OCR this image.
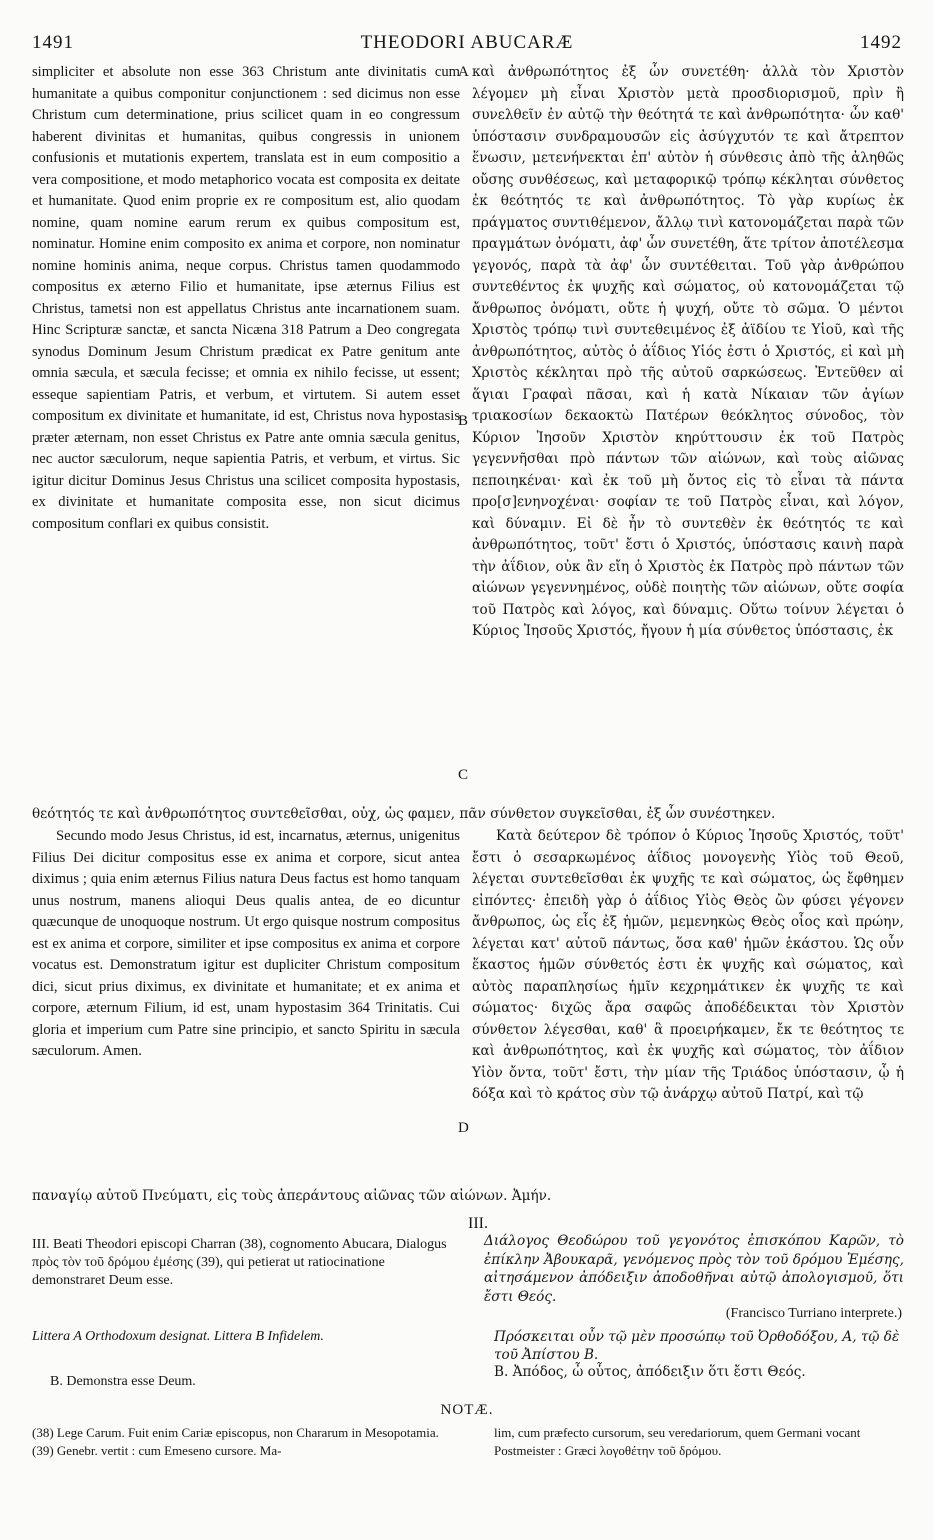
1491	THEODORI ABUCARÆ	1492

simpliciter et absolute non esse 363 Christum ante divinitatis cum humanitate a quibus componitur conjunctionem : sed dicimus non esse Christum cum determinatione, prius scilicet quam in eo congressum haberent divinitas et humanitas, quibus congressis in unionem confusionis et mutationis expertem, translata est in eum compositio a vera compositione, et modo metaphorico vocata est composita ex deitate et humanitate. Quod enim proprie ex re compositum est, alio quodam nomine, quam nomine earum rerum ex quibus compositum est, nominatur. Homine enim composito ex anima et corpore, non nominatur nomine hominis anima, neque corpus. Christus tamen quodammodo compositus ex æterno Filio et humanitate, ipse æternus Filius est Christus, tametsi non est appellatus Christus ante incarnationem suam. Hinc Scripturæ sanctæ, et sancta Nicæna 318 Patrum a Deo congregata synodus Dominum Jesum Christum prædicat ex Patre genitum ante omnia sæcula, et sæcula fecisse; et omnia ex nihilo fecisse, ut essent; esseque sapientiam Patris, et verbum, et virtutem. Si autem esset compositum ex divinitate et humanitate, id est, Christus nova hypostasis præter æternam, non esset Christus ex Patre ante omnia sæcula genitus, nec auctor sæculorum, neque sapientia Patris, et verbum, et virtus. Sic igitur dicitur Dominus Jesus Christus una scilicet composita hypostasis, ex divinitate et humanitate composita esse, non sicut dicimus compositum conflari ex quibus consistit.

Secundo modo Jesus Christus, id est, incarnatus, æternus, unigenitus Filius Dei dicitur compositus esse ex anima et corpore, sicut antea diximus ; quia enim æternus Filius natura Deus factus est homo tanquam unus nostrum, manens alioqui Deus qualis antea, de eo dicuntur quæcunque de unoquoque nostrum. Ut ergo quisque nostrum compositus est ex anima et corpore, similiter et ipse compositus ex anima et corpore vocatus est. Demonstratum igitur est dupliciter Christum compositum dici, sicut prius diximus, ex divinitate et humanitate; et ex anima et corpore, æternum Filium, id est, unam hypostasim 364 Trinitatis. Cui gloria et imperium cum Patre sine principio, et sancto Spiritu in sæcula sæculorum. Amen.

καὶ ἀνθρωπότητος ἐξ ὧν συνετέθη· ἀλλὰ τὸν Χριστὸν λέγομεν μὴ εἶναι Χριστὸν μετὰ προσδιορισμοῦ, πρὶν ἢ συνελθεῖν ἐν αὐτῷ τὴν θεότητά τε καὶ ἀνθρωπότητα· ὧν καθ' ὑπόστασιν συνδραμουσῶν εἰς ἀσύγχυτόν τε καὶ ἄτρεπτον ἕνωσιν, μετενήνεκται ἐπ' αὐτὸν ἡ σύνθεσις ἀπὸ τῆς ἀληθῶς οὔσης συνθέσεως, καὶ μεταφορικῷ τρόπῳ κέκληται σύνθετος ἐκ θεότητός τε καὶ ἀνθρωπότητος. Τὸ γὰρ κυρίως ἐκ πράγματος συντιθέμενον, ἄλλῳ τινὶ κατονομάζεται παρὰ τῶν πραγμάτων ὀνόματι, ἀφ' ὧν συνετέθη, ἅτε τρίτον ἀποτέλεσμα γεγονός, παρὰ τὰ ἀφ' ὧν συντέθειται. Τοῦ γὰρ ἀνθρώπου συντεθέντος ἐκ ψυχῆς καὶ σώματος, οὐ κατονομάζεται τῷ ἄνθρωπος ὀνόματι, οὔτε ἡ ψυχή, οὔτε τὸ σῶμα. Ὁ μέντοι Χριστὸς τρόπῳ τινὶ συντεθειμένος ἐξ ἀϊδίου τε Υἱοῦ, καὶ τῆς ἀνθρωπότητος, αὐτὸς ὁ ἀΐδιος Υἱός ἐστι ὁ Χριστός, εἰ καὶ μὴ Χριστὸς κέκληται πρὸ τῆς αὐτοῦ σαρκώσεως. Ἐντεῦθεν αἱ ἅγιαι Γραφαὶ πᾶσαι, καὶ ἡ κατὰ Νίκαιαν τῶν ἁγίων τριακοσίων δεκαοκτὼ Πατέρων θεόκλητος σύνοδος, τὸν Κύριον Ἰησοῦν Χριστὸν κηρύττουσιν ἐκ τοῦ Πατρὸς γεγεννῆσθαι πρὸ πάντων τῶν αἰώνων, καὶ τοὺς αἰῶνας πεποιηκέναι· καὶ ἐκ τοῦ μὴ ὄντος εἰς τὸ εἶναι τὰ πάντα προ[σ]ενηνοχέναι· σοφίαν τε τοῦ Πατρὸς εἶναι, καὶ λόγον, καὶ δύναμιν. Εἰ δὲ ἦν τὸ συντεθὲν ἐκ θεότητός τε καὶ ἀνθρωπότητος, τοῦτ' ἔστι ὁ Χριστός, ὑπόστασις καινὴ παρὰ τὴν ἀΐδιον, οὐκ ἂν εἴη ὁ Χριστὸς ἐκ Πατρὸς πρὸ πάντων τῶν αἰώνων γεγεννημένος, οὐδὲ ποιητὴς τῶν αἰώνων, οὔτε σοφία τοῦ Πατρὸς καὶ λόγος, καὶ δύναμις. Οὕτω τοίνυν λέγεται ὁ Κύριος Ἰησοῦς Χριστός, ἤγουν ἡ μία σύνθετος ὑπόστασις, ἐκ

Κατὰ δεύτερον δὲ τρόπον ὁ Κύριος Ἰησοῦς Χριστός, τοῦτ' ἔστι ὁ σεσαρκωμένος ἀΐδιος μονογενὴς Υἱὸς τοῦ Θεοῦ, λέγεται συντεθεῖσθαι ἐκ ψυχῆς τε καὶ σώματος, ὡς ἔφθημεν εἰπόντες· ἐπειδὴ γὰρ ὁ ἀΐδιος Υἱὸς Θεὸς ὢν φύσει γέγονεν ἄνθρωπος, ὡς εἷς ἐξ ἡμῶν, μεμενηκὼς Θεὸς οἷος καὶ πρώην, λέγεται κατ' αὐτοῦ πάντως, ὅσα καθ' ἡμῶν ἑκάστου. Ὡς οὖν ἕκαστος ἡμῶν σύνθετός ἐστι ἐκ ψυχῆς καὶ σώματος, καὶ αὐτὸς παραπλησίως ἡμῖν κεχρημάτικεν ἐκ ψυχῆς τε καὶ σώματος· διχῶς ἄρα σαφῶς ἀποδέδεικται τὸν Χριστὸν σύνθετον λέγεσθαι, καθ' ἃ προειρήκαμεν, ἔκ τε θεότητος τε καὶ ἀνθρωπότητος, καὶ ἐκ ψυχῆς καὶ σώματος, τὸν ἀΐδιον Υἱὸν ὄντα, τοῦτ' ἔστι, τὴν μίαν τῆς Τριάδος ὑπόστασιν, ᾧ ἡ δόξα καὶ τὸ κράτος σὺν τῷ ἀνάρχῳ αὐτοῦ Πατρί, καὶ τῷ

A
B
C
D
θεότητός τε καὶ ἀνθρωπότητος συντεθεῖσθαι, οὐχ, ὡς φαμεν, πᾶν σύνθετον συγκεῖσθαι, ἐξ ὧν συνέστηκεν.
παναγίῳ αὐτοῦ Πνεύματι, εἰς τοὺς ἀπεράντους αἰῶνας τῶν αἰώνων. Ἀμήν.
III.
III. Beati Theodori episcopi Charran (38), cognomento Abucara, Dialogus πρὸς τὸν τοῦ δρόμου ἐμέσης (39), qui petierat ut ratiocinatione demonstraret Deum esse.
Διάλογος Θεοδώρου τοῦ γεγονότος ἐπισκόπου Καρῶν, τὸ ἐπίκλην Ἀβουκαρᾶ, γενόμενος πρὸς τὸν τοῦ δρόμου Ἐμέσης, αἰτησάμενον ἀπόδειξιν ἀποδοθῆναι αὐτῷ ἀπολογισμοῦ, ὅτι ἔστι Θεός.
(Francisco Turriano interprete.)
Littera A Orthodoxum designat. Littera B Infidelem.	Πρόσκειται οὖν τῷ μὲν προσώπῳ τοῦ Ὀρθοδόξου, Α, τῷ δὲ τοῦ Ἀπίστου Β.
B. Demonstra esse Deum.
Β. Ἀπόδος, ὦ οὗτος, ἀπόδειξιν ὅτι ἔστι Θεός.
NOTÆ.

(38) Lege Carum. Fuit enim Cariæ episcopus, non Chararum in Mesopotamia.

(39) Genebr. vertit : cum Emeseno cursore. Ma-

lim, cum præfecto cursorum, seu veredariorum, quem Germani vocant Postmeister : Græci λογοθέτην τοῦ δρόμου.
